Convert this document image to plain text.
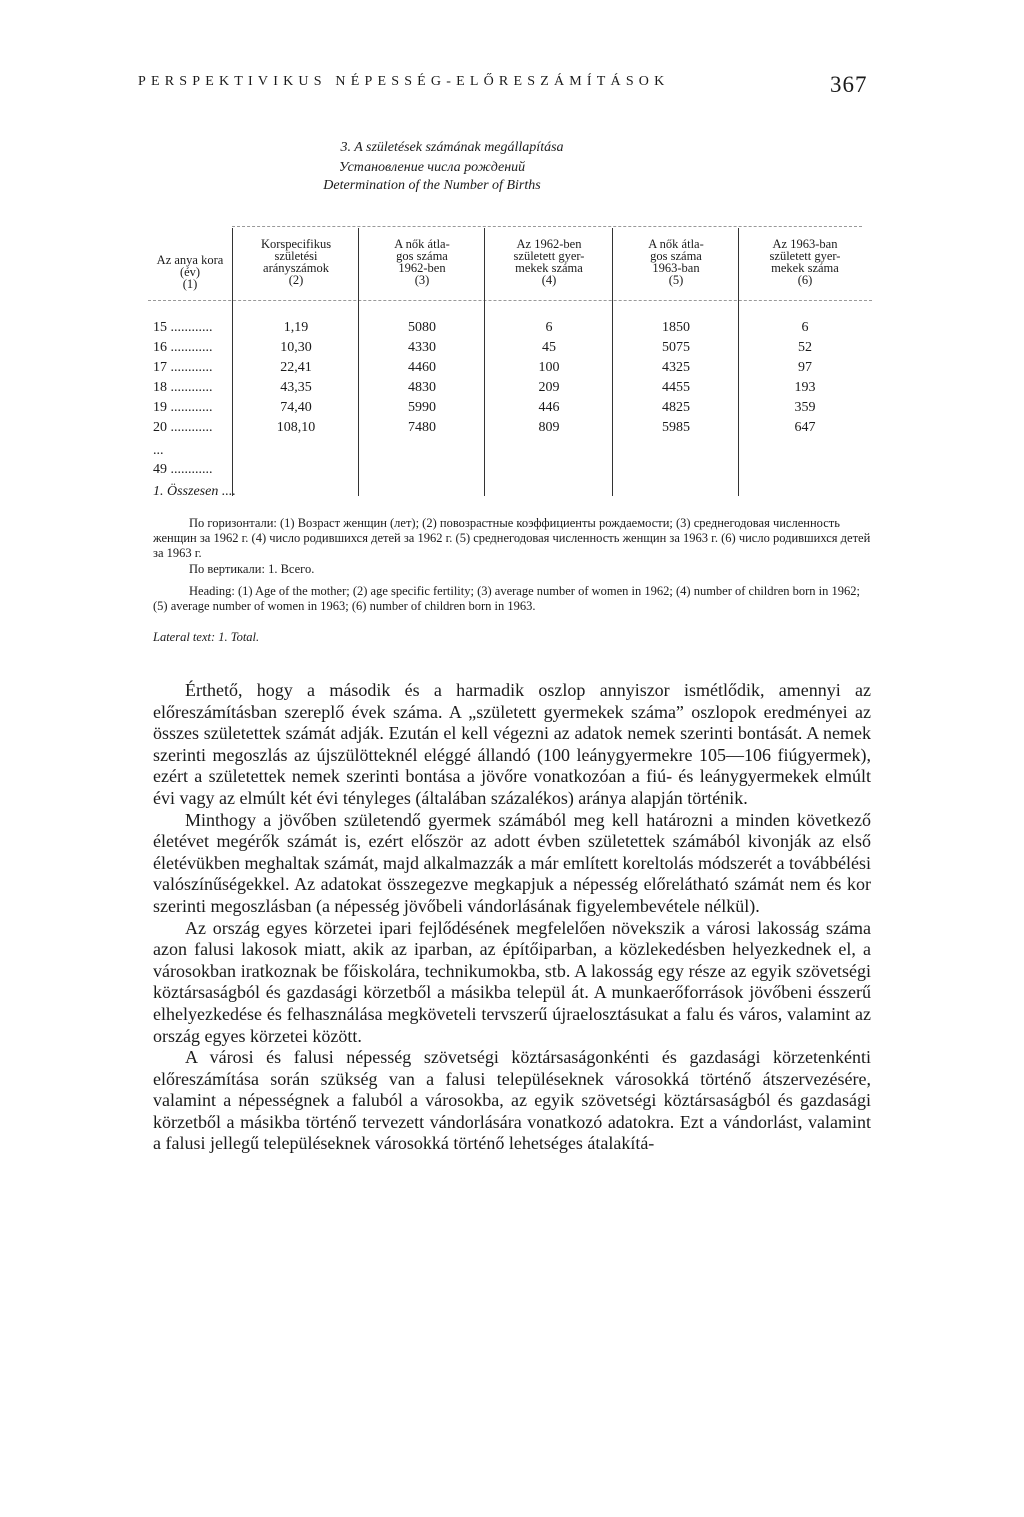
PERSPEKTIVIKUS NÉPESSÉG-ELŐRESZÁMÍTÁSOK	367
3. A születések számának megállapítása
Установление числа рождений
Determination of the Number of Births
Az anya kora
(év)
(1)
Korspecifikus
születési
arányszámok
(2)
A nők átla-
gos száma
1962-ben
(3)
Az 1962-ben
született gyer-
mekek száma
(4)
A nők átla-
gos száma
1963-ban
(5)
Az 1963-ban
született gyer-
mekek száma
(6)
15 ............	1,19	5080	6	1850	6
16 ............	10,30	4330	45	5075	52
17 ............	22,41	4460	100	4325	97
18 ............	43,35	4830	209	4455	193
19 ............	74,40	5990	446	4825	359
20 ............	108,10	7480	809	5985	647
...
49 ............
1. Összesen ....
По горизонтали: (1) Возраст женщин (лет); (2) повозрастные коэффициенты рождаемости; (3) среднегодовая численность женщин за 1962 г. (4) число родившихся детей за 1962 г. (5) среднегодовая численность женщин за 1963 г. (6) число родившихся детей за 1963 г.
По вертикали: 1. Всего.
Heading: (1) Age of the mother; (2) age specific fertility; (3) average number of women in 1962; (4) number of children born in 1962; (5) average number of women in 1963; (6) number of children born in 1963.
Lateral text: 1. Total.

Érthető, hogy a második és a harmadik oszlop annyiszor ismétlődik, amennyi az előreszámításban szereplő évek száma. A „született gyermekek száma” oszlopok eredményei az összes születettek számát adják. Ezután el kell végezni az adatok nemek szerinti bontását. A nemek szerinti megoszlás az újszülötteknél eléggé állandó (100 leánygyermekre 105—106 fiúgyermek), ezért a születettek nemek szerinti bontása a jövőre vonatkozóan a fiú- és leánygyermekek elmúlt évi vagy az elmúlt két évi tényleges (általában százalékos) aránya alapján történik.

Minthogy a jövőben születendő gyermek számából meg kell határozni a minden következő életévet megérők számát is, ezért először az adott évben születettek számából kivonják az első életévükben meghaltak számát, majd alkalmazzák a már említett koreltolás módszerét a továbbélési valószínűségekkel. Az adatokat összegezve megkapjuk a népesség előrelátható számát nem és kor szerinti megoszlásban (a népesség jövőbeli vándorlásának figyelembevétele nélkül).

Az ország egyes körzetei ipari fejlődésének megfelelően növekszik a városi lakosság száma azon falusi lakosok miatt, akik az iparban, az építőiparban, a közlekedésben helyezkednek el, a városokban iratkoznak be főiskolára, technikumokba, stb. A lakosság egy része az egyik szövetségi köztársaságból és gazdasági körzetből a másikba települ át. A munkaerőforrások jövőbeni ésszerű elhelyezkedése és felhasználása megköveteli tervszerű újraelosztásukat a falu és város, valamint az ország egyes körzetei között.

A városi és falusi népesség szövetségi köztársaságonkénti és gazdasági körzetenkénti előreszámítása során szükség van a falusi településeknek városokká történő átszervezésére, valamint a népességnek a faluból a városokba, az egyik szövetségi köztársaságból és gazdasági körzetből a másikba történő tervezett vándorlására vonatkozó adatokra. Ezt a vándorlást, valamint a falusi jellegű településeknek városokká történő lehetséges átalakítá-
